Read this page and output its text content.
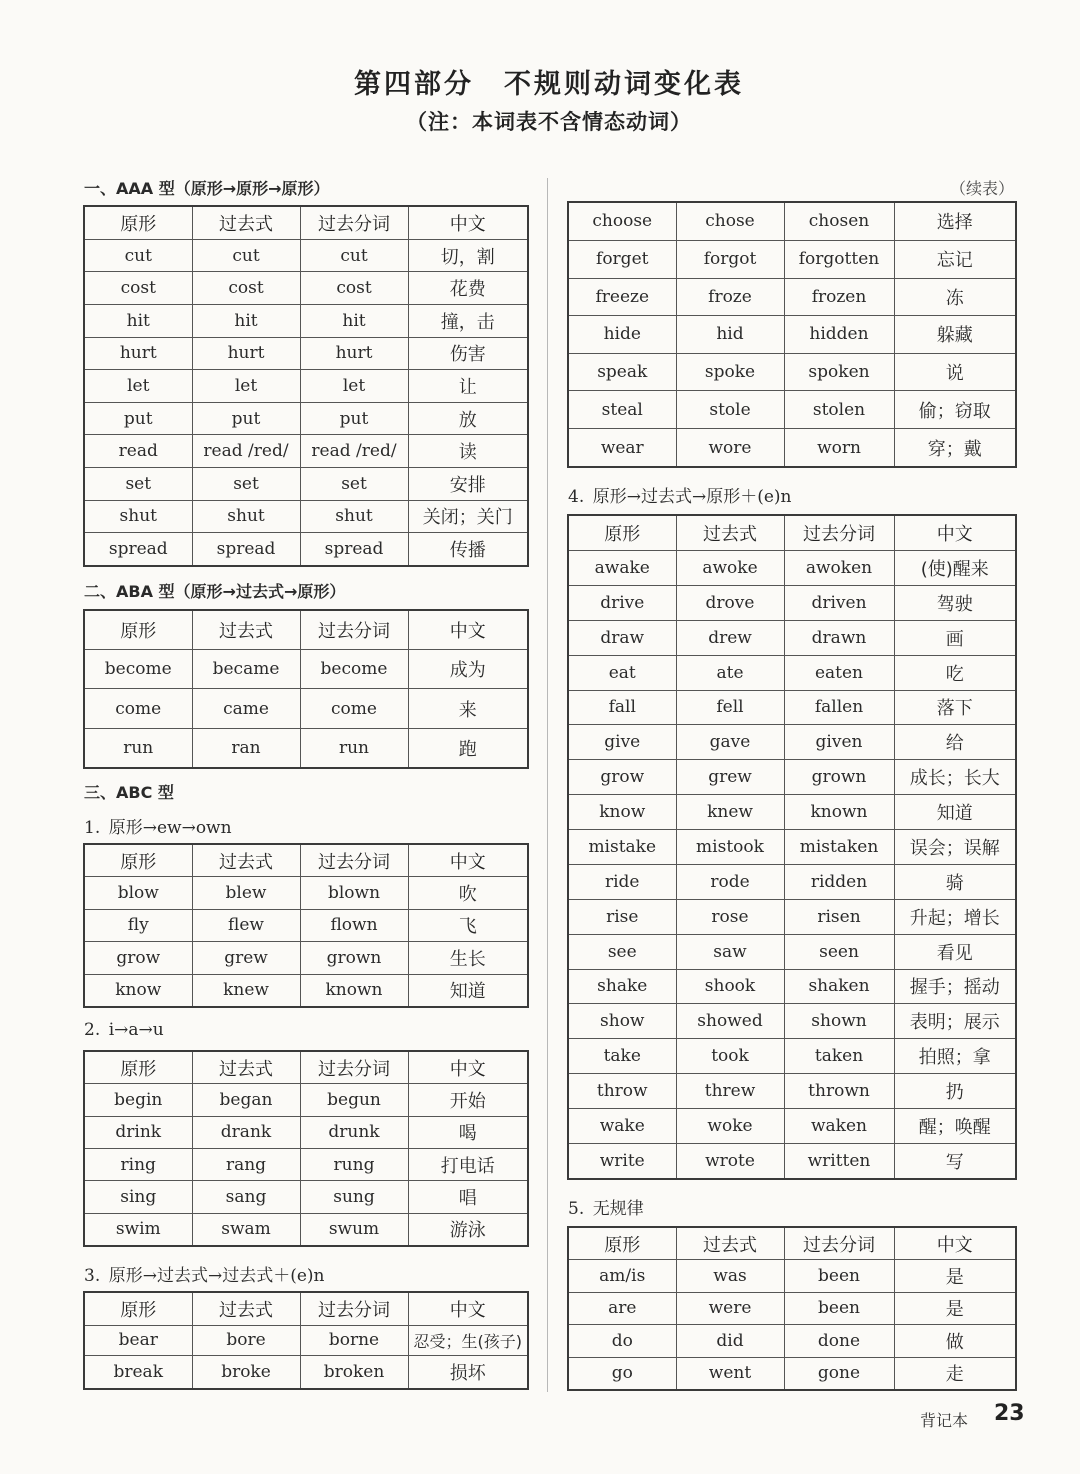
第四部分　不规则动词变化表
（注：本词表不含情态动词）
一、AAA 型（原形→原形→原形）
原形	过去式	过去分词	中文
cut	cut	cut	切，割
cost	cost	cost	花费
hit	hit	hit	撞，击
hurt	hurt	hurt	伤害
let	let	let	让
put	put	put	放
read	read /red/	read /red/	读
set	set	set	安排
shut	shut	shut	关闭；关门
spread	spread	spread	传播
二、ABA 型（原形→过去式→原形）
原形	过去式	过去分词	中文
become	became	become	成为
come	came	come	来
run	ran	run	跑
三、ABC 型
1. 原形→ew→own
原形	过去式	过去分词	中文
blow	blew	blown	吹
fly	flew	flown	飞
grow	grew	grown	生长
know	knew	known	知道
2. i→a→u
原形	过去式	过去分词	中文
begin	began	begun	开始
drink	drank	drunk	喝
ring	rang	rung	打电话
sing	sang	sung	唱
swim	swam	swum	游泳
3. 原形→过去式→过去式＋(e)n
原形	过去式	过去分词	中文
bear	bore	borne	忍受；生(孩子)
break	broke	broken	损坏
（续表）
choose	chose	chosen	选择
forget	forgot	forgotten	忘记
freeze	froze	frozen	冻
hide	hid	hidden	躲藏
speak	spoke	spoken	说
steal	stole	stolen	偷；窃取
wear	wore	worn	穿；戴
4. 原形→过去式→原形＋(e)n
原形	过去式	过去分词	中文
awake	awoke	awoken	(使)醒来
drive	drove	driven	驾驶
draw	drew	drawn	画
eat	ate	eaten	吃
fall	fell	fallen	落下
give	gave	given	给
grow	grew	grown	成长；长大
know	knew	known	知道
mistake	mistook	mistaken	误会；误解
ride	rode	ridden	骑
rise	rose	risen	升起；增长
see	saw	seen	看见
shake	shook	shaken	握手；摇动
show	showed	shown	表明；展示
take	took	taken	拍照；拿
throw	threw	thrown	扔
wake	woke	waken	醒；唤醒
write	wrote	written	写
5. 无规律
原形	过去式	过去分词	中文
am/is	was	been	是
are	were	been	是
do	did	done	做
go	went	gone	走
背记本 23
